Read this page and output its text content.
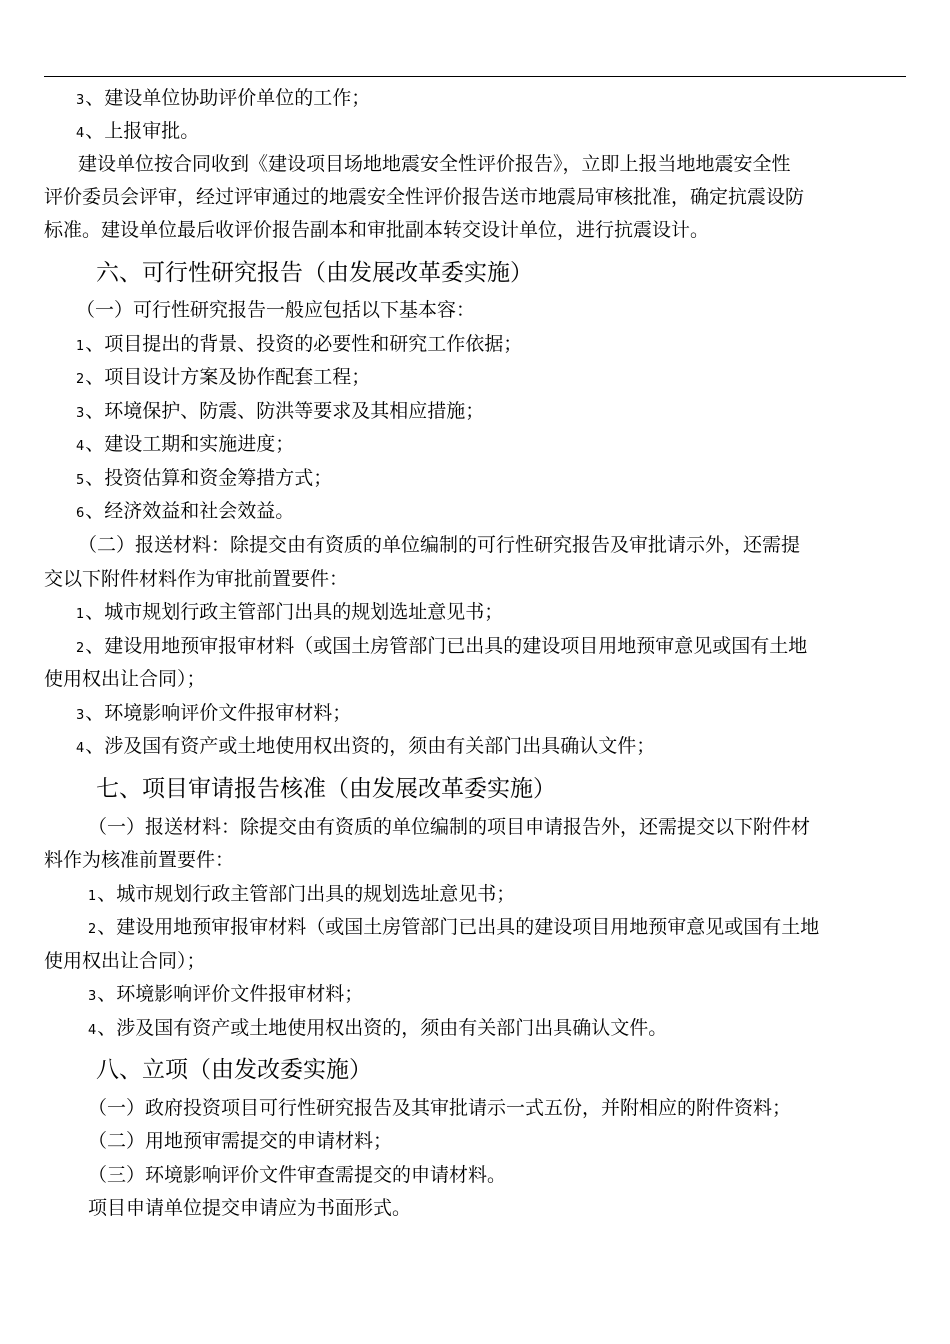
3、建设单位协助评价单位的工作；
4、上报审批。
建设单位按合同收到《建设项目场地地震安全性评价报告》，立即上报当地地震安全性
评价委员会评审，经过评审通过的地震安全性评价报告送市地震局审核批准，确定抗震设防
标准。建设单位最后收评价报告副本和审批副本转交设计单位，进行抗震设计。
六、可行性研究报告（由发展改革委实施）
（一）可行性研究报告一般应包括以下基本容：
1、项目提出的背景、投资的必要性和研究工作依据；
2、项目设计方案及协作配套工程；
3、环境保护、防震、防洪等要求及其相应措施；
4、建设工期和实施进度；
5、投资估算和资金筹措方式；
6、经济效益和社会效益。
（二）报送材料：除提交由有资质的单位编制的可行性研究报告及审批请示外，还需提
交以下附件材料作为审批前置要件：
1、城市规划行政主管部门出具的规划选址意见书；
2、建设用地预审报审材料（或国土房管部门已出具的建设项目用地预审意见或国有土地
使用权出让合同）；
3、环境影响评价文件报审材料；
4、涉及国有资产或土地使用权出资的，须由有关部门出具确认文件；
七、项目审请报告核准（由发展改革委实施）
（一）报送材料：除提交由有资质的单位编制的项目申请报告外，还需提交以下附件材
料作为核准前置要件：
1、城市规划行政主管部门出具的规划选址意见书；
2、建设用地预审报审材料（或国土房管部门已出具的建设项目用地预审意见或国有土地
使用权出让合同）；
3、环境影响评价文件报审材料；
4、涉及国有资产或土地使用权出资的，须由有关部门出具确认文件。
八、立项（由发改委实施）
（一）政府投资项目可行性研究报告及其审批请示一式五份，并附相应的附件资料；
（二）用地预审需提交的申请材料；
（三）环境影响评价文件审查需提交的申请材料。
项目申请单位提交申请应为书面形式。
